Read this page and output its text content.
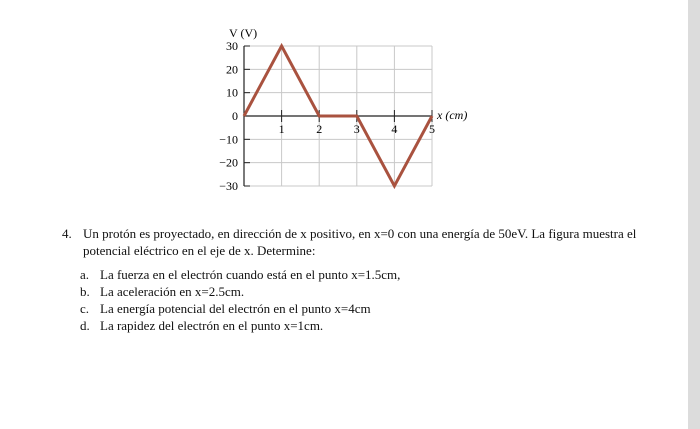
30
20
10
0
−10
−20
−30
1	2	3	4	5
V (V)
x (cm)
4. Un protón es proyectado, en dirección de x positivo, en x=0 con una energía de 50eV. La figura muestra el potencial eléctrico en el eje de x. Determine:
a. La fuerza en el electrón cuando está en el punto x=1.5cm,
b. La aceleración en x=2.5cm.
c. La energía potencial del electrón en el punto x=4cm
d. La rapidez del electrón en el punto x=1cm.
